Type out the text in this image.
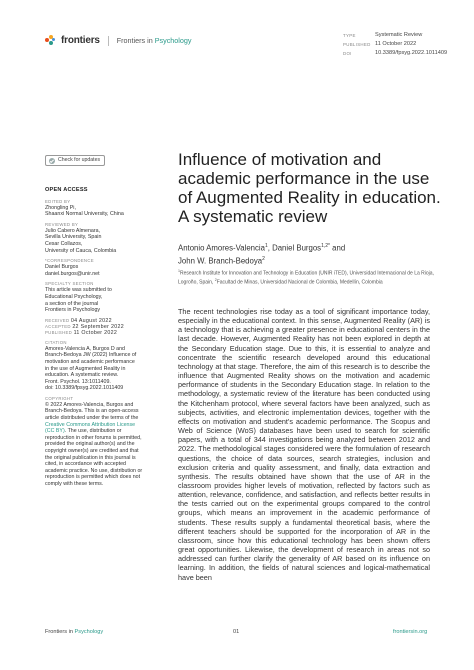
frontiers Frontiers in Psychology
TYPE	Systematic Review
PUBLISHED 11 October 2022
DOI	10.3389/fpsyg.2022.1011409
Check for updates
OPEN ACCESS
EDITED BY
Zhongling Pi,
Shaanxi Normal University, China
REVIEWED BY
Julio Cabero Almenara,
Sevilla University, Spain
Cesar Collazos,
University of Cauca, Colombia
*CORRESPONDENCE
Daniel Burgos
daniel.burgos@unir.net
SPECIALTY SECTION
This article was submitted to
Educational Psychology,
a section of the journal
Frontiers in Psychology
RECEIVED 04 August 2022
ACCEPTED 22 September 2022
PUBLISHED 11 October 2022
CITATION
Amores-Valencia A, Burgos D and
Branch-Bedoya JW (2022) Influence of
motivation and academic performance
in the use of Augmented Reality in
education. A systematic review.
Front. Psychol. 13:1011409.
doi: 10.3389/fpsyg.2022.1011409
COPYRIGHT
© 2022 Amores-Valencia, Burgos and Branch-Bedoya. This is an open-access article distributed under the terms of the Creative Commons Attribution License (CC BY). The use, distribution or reproduction in other forums is permitted, provided the original author(s) and the copyright owner(s) are credited and that the original publication in this journal is cited, in accordance with accepted academic practice. No use, distribution or reproduction is permitted which does not comply with these terms.
Influence of motivation and academic performance in the use of Augmented Reality in education. A systematic review
Antonio Amores-Valencia$^1$, Daniel Burgos$^{1,2*}$ and
John W. Branch-Bedoya$^2$
$^1$Research Institute for Innovation and Technology in Education (UNIR iTED), Universidad Internacional de La Rioja, Logroño, Spain, $^2$Facultad de Minas, Universidad Nacional de Colombia, Medellín, Colombia

The recent technologies rise today as a tool of significant importance today, especially in the educational context. In this sense, Augmented Reality (AR) is a technology that is achieving a greater presence in educational centers in the last decade. However, Augmented Reality has not been explored in depth at the Secondary Education stage. Due to this, it is essential to analyze and concentrate the scientific research developed around this educational technology at that stage. Therefore, the aim of this research is to describe the influence that Augmented Reality shows on the motivation and academic performance of students in the Secondary Education stage. In relation to the methodology, a systematic review of the literature has been conducted using the Kitchenham protocol, where several factors have been analyzed, such as subjects, activities, and electronic implementation devices, together with the effects on motivation and student's academic performance. The Scopus and Web of Science (WoS) databases have been used to search for scientific papers, with a total of 344 investigations being analyzed between 2012 and 2022. The methodological stages considered were the formulation of research questions, the choice of data sources, search strategies, inclusion and exclusion criteria and quality assessment, and finally, data extraction and synthesis. The results obtained have shown that the use of AR in the classroom provides higher levels of motivation, reflected by factors such as attention, relevance, confidence, and satisfaction, and reflects better results in the tests carried out on the experimental groups compared to the control groups, which means an improvement in the academic performance of students. These results supply a fundamental theoretical basis, where the different teachers should be supported for the incorporation of AR in the classroom, since how this educational technology has been shown offers great opportunities. Likewise, the development of research in areas not so addressed can further clarify the generality of AR based on its influence on learning. In addition, the fields of natural sciences and logical-mathematical have been

Frontiers in Psychology	01	frontiersin.org
